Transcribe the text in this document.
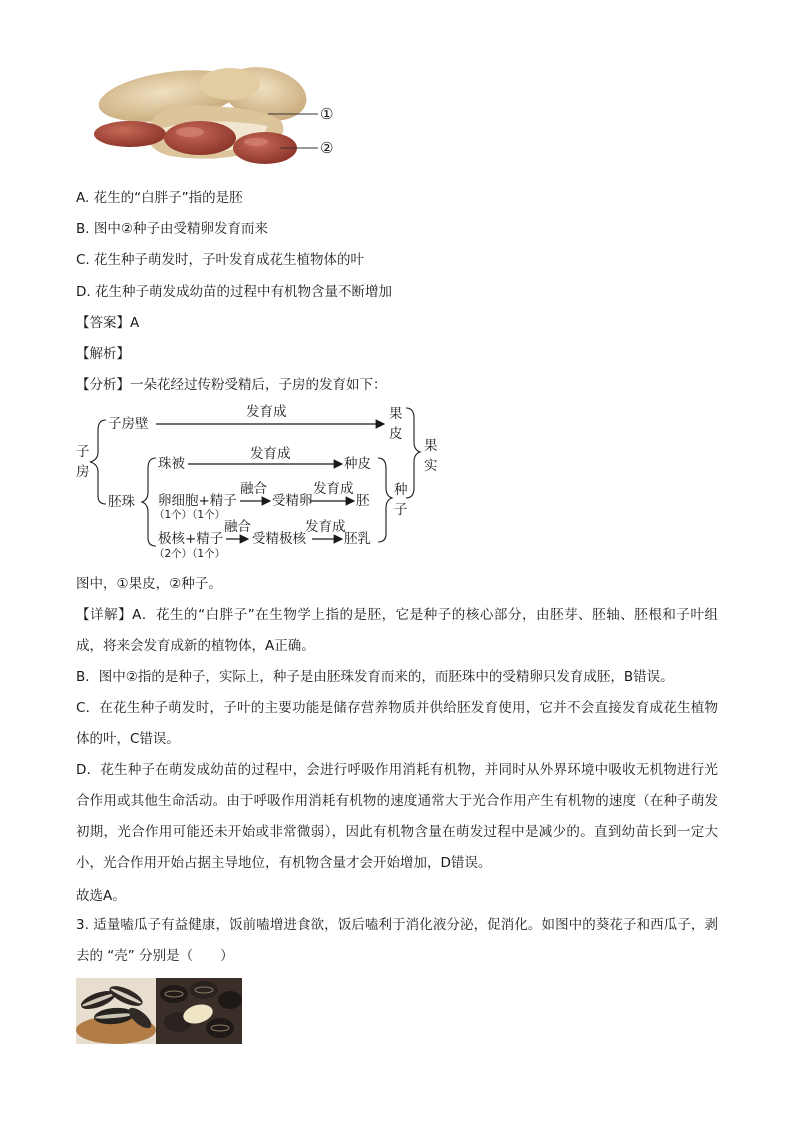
①
②
A. 花生的“白胖子”指的是胚
B. 图中②种子由受精卵发育而来
C. 花生种子萌发时，子叶发育成花生植物体的叶
D. 花生种子萌发成幼苗的过程中有机物含量不断增加
【答案】A
【解析】
【分析】一朵花经过传粉受精后，子房的发育如下：
子
房
子房壁
发育成	果
皮
果
实
珠被
发育成
种皮
胚珠
种
子
卵细胞+精子
（1个）（1个）
融合
受精卵
发育成
胚
极核+精子
（2个）（1个）
融合
受精极核
发育成
胚乳
图中，①果皮，②种子。
【详解】A．花生的“白胖子”在生物学上指的是胚，它是种子的核心部分，由胚芽、胚轴、胚根和子叶组成，将来会发育成新的植物体，A正确。
B．图中②指的是种子，实际上，种子是由胚珠发育而来的，而胚珠中的受精卵只发育成胚，B错误。
C．在花生种子萌发时，子叶的主要功能是储存营养物质并供给胚发育使用，它并不会直接发育成花生植物体的叶，C错误。
D．花生种子在萌发成幼苗的过程中，会进行呼吸作用消耗有机物，并同时从外界环境中吸收无机物进行光合作用或其他生命活动。由于呼吸作用消耗有机物的速度通常大于光合作用产生有机物的速度（在种子萌发初期，光合作用可能还未开始或非常微弱），因此有机物含量在萌发过程中是减少的。直到幼苗长到一定大小，光合作用开始占据主导地位，有机物含量才会开始增加，D错误。
故选A。
3. 适量嗑瓜子有益健康，饭前嗑增进食欲，饭后嗑利于消化液分泌，促消化。如图中的葵花子和西瓜子，剥去的 “壳” 分别是（　　）
